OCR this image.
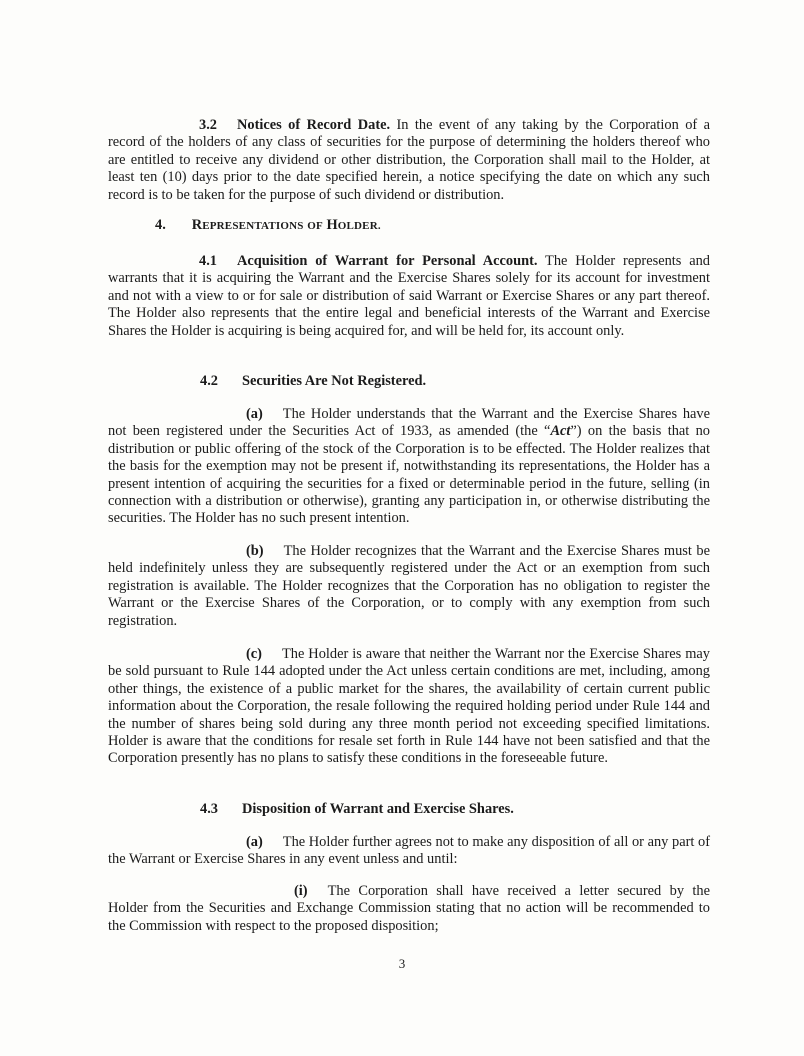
3.2 Notices of Record Date. In the event of any taking by the Corporation of a record of the holders of any class of securities for the purpose of determining the holders thereof who are entitled to receive any dividend or other distribution, the Corporation shall mail to the Holder, at least ten (10) days prior to the date specified herein, a notice specifying the date on which any such record is to be taken for the purpose of such dividend or distribution.

4. REPRESENTATIONS OF HOLDER.

4.1 Acquisition of Warrant for Personal Account. The Holder represents and warrants that it is acquiring the Warrant and the Exercise Shares solely for its account for investment and not with a view to or for sale or distribution of said Warrant or Exercise Shares or any part thereof. The Holder also represents that the entire legal and beneficial interests of the Warrant and Exercise Shares the Holder is acquiring is being acquired for, and will be held for, its account only.

4.2 Securities Are Not Registered.

(a) The Holder understands that the Warrant and the Exercise Shares have not been registered under the Securities Act of 1933, as amended (the “Act”) on the basis that no distribution or public offering of the stock of the Corporation is to be effected. The Holder realizes that the basis for the exemption may not be present if, notwithstanding its representations, the Holder has a present intention of acquiring the securities for a fixed or determinable period in the future, selling (in connection with a distribution or otherwise), granting any participation in, or otherwise distributing the securities. The Holder has no such present intention.

(b) The Holder recognizes that the Warrant and the Exercise Shares must be held indefinitely unless they are subsequently registered under the Act or an exemption from such registration is available. The Holder recognizes that the Corporation has no obligation to register the Warrant or the Exercise Shares of the Corporation, or to comply with any exemption from such registration.

(c) The Holder is aware that neither the Warrant nor the Exercise Shares may be sold pursuant to Rule 144 adopted under the Act unless certain conditions are met, including, among other things, the existence of a public market for the shares, the availability of certain current public information about the Corporation, the resale following the required holding period under Rule 144 and the number of shares being sold during any three month period not exceeding specified limitations. Holder is aware that the conditions for resale set forth in Rule 144 have not been satisfied and that the Corporation presently has no plans to satisfy these conditions in the foreseeable future.

4.3 Disposition of Warrant and Exercise Shares.

(a) The Holder further agrees not to make any disposition of all or any part of the Warrant or Exercise Shares in any event unless and until:

(i) The Corporation shall have received a letter secured by the Holder from the Securities and Exchange Commission stating that no action will be recommended to the Commission with respect to the proposed disposition;

3
